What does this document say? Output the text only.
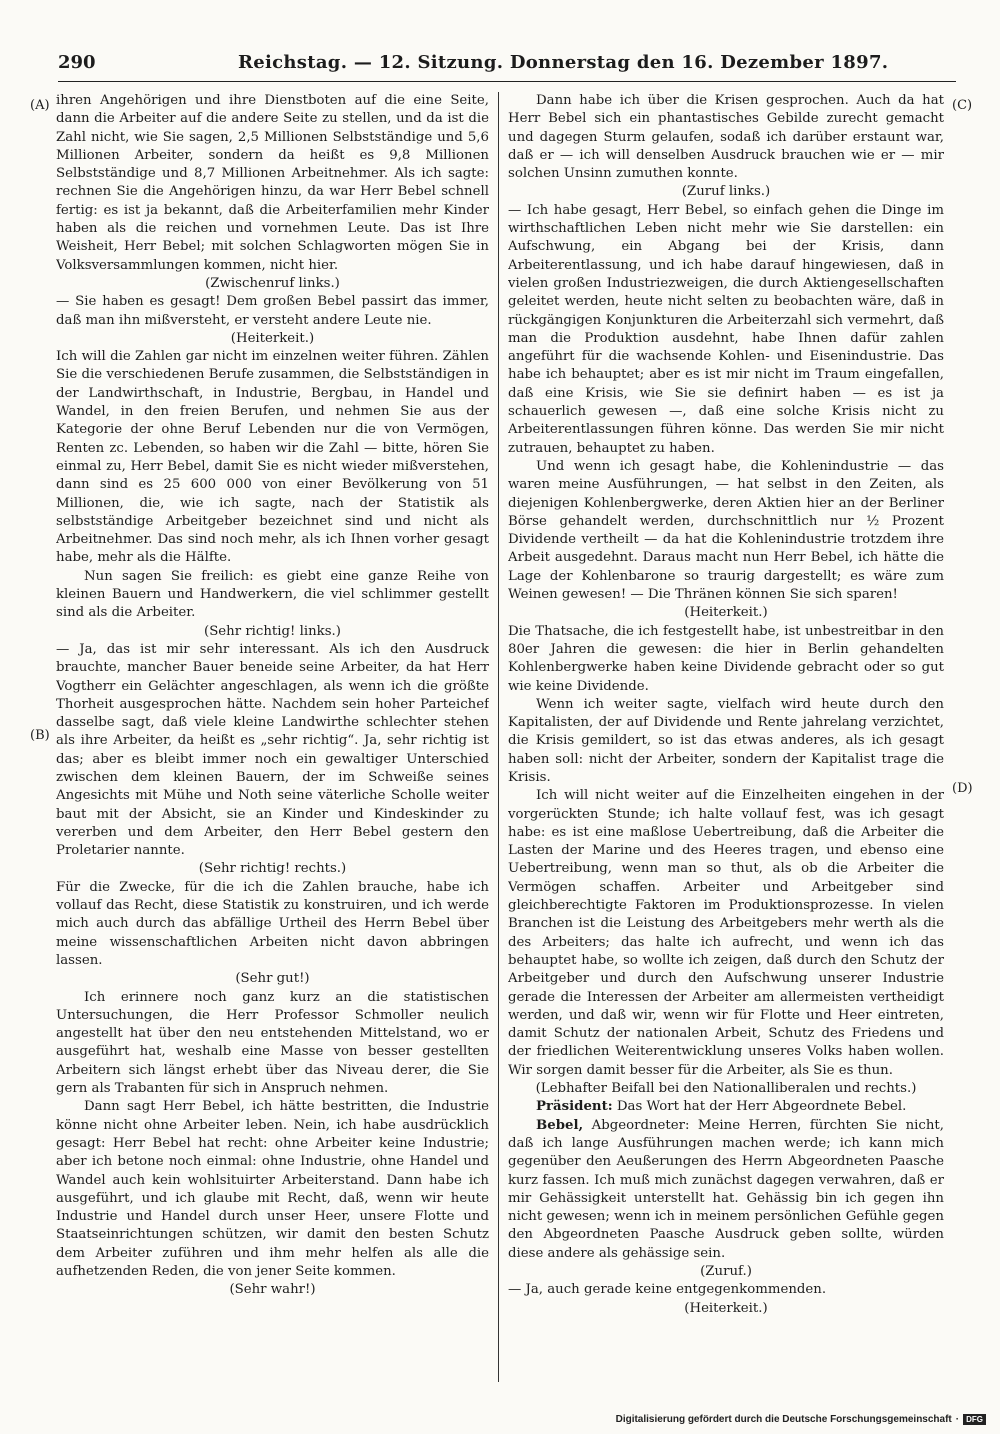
290	Reichstag. — 12. Sitzung. Donnerstag den 16. Dezember 1897.
(A)
(B)
(C)
(D)

ihren Angehörigen und ihre Dienstboten auf die eine Seite, dann die Arbeiter auf die andere Seite zu stellen, und da ist die Zahl nicht, wie Sie sagen, 2,5 Millionen Selbstständige und 5,6 Millionen Arbeiter, sondern da heißt es 9,8 Millionen Selbstständige und 8,7 Millionen Arbeitnehmer. Als ich sagte: rechnen Sie die Angehörigen hinzu, da war Herr Bebel schnell fertig: es ist ja bekannt, daß die Arbeiterfamilien mehr Kinder haben als die reichen und vornehmen Leute. Das ist Ihre Weisheit, Herr Bebel; mit solchen Schlagworten mögen Sie in Volksversammlungen kommen, nicht hier.

(Zwischenruf links.)

— Sie haben es gesagt! Dem großen Bebel passirt das immer, daß man ihn mißversteht, er versteht andere Leute nie.

(Heiterkeit.)

Ich will die Zahlen gar nicht im einzelnen weiter führen. Zählen Sie die verschiedenen Berufe zusammen, die Selbstständigen in der Landwirthschaft, in Industrie, Bergbau, in Handel und Wandel, in den freien Berufen, und nehmen Sie aus der Kategorie der ohne Beruf Lebenden nur die von Vermögen, Renten zc. Lebenden, so haben wir die Zahl — bitte, hören Sie einmal zu, Herr Bebel, damit Sie es nicht wieder mißverstehen, dann sind es 25 600 000 von einer Bevölkerung von 51 Millionen, die, wie ich sagte, nach der Statistik als selbstständige Arbeitgeber bezeichnet sind und nicht als Arbeitnehmer. Das sind noch mehr, als ich Ihnen vorher gesagt habe, mehr als die Hälfte.

Nun sagen Sie freilich: es giebt eine ganze Reihe von kleinen Bauern und Handwerkern, die viel schlimmer gestellt sind als die Arbeiter.

(Sehr richtig! links.)

— Ja, das ist mir sehr interessant. Als ich den Ausdruck brauchte, mancher Bauer beneide seine Arbeiter, da hat Herr Vogtherr ein Gelächter angeschlagen, als wenn ich die größte Thorheit ausgesprochen hätte. Nachdem sein hoher Parteichef dasselbe sagt, daß viele kleine Landwirthe schlechter stehen als ihre Arbeiter, da heißt es „sehr richtig“. Ja, sehr richtig ist das; aber es bleibt immer noch ein gewaltiger Unterschied zwischen dem kleinen Bauern, der im Schweiße seines Angesichts mit Mühe und Noth seine väterliche Scholle weiter baut mit der Absicht, sie an Kinder und Kindeskinder zu vererben und dem Arbeiter, den Herr Bebel gestern den Proletarier nannte.

(Sehr richtig! rechts.)

Für die Zwecke, für die ich die Zahlen brauche, habe ich vollauf das Recht, diese Statistik zu konstruiren, und ich werde mich auch durch das abfällige Urtheil des Herrn Bebel über meine wissenschaftlichen Arbeiten nicht davon abbringen lassen.

(Sehr gut!)

Ich erinnere noch ganz kurz an die statistischen Untersuchungen, die Herr Professor Schmoller neulich angestellt hat über den neu entstehenden Mittelstand, wo er ausgeführt hat, weshalb eine Masse von besser gestellten Arbeitern sich längst erhebt über das Niveau derer, die Sie gern als Trabanten für sich in Anspruch nehmen.

Dann sagt Herr Bebel, ich hätte bestritten, die Industrie könne nicht ohne Arbeiter leben. Nein, ich habe ausdrücklich gesagt: Herr Bebel hat recht: ohne Arbeiter keine Industrie; aber ich betone noch einmal: ohne Industrie, ohne Handel und Wandel auch kein wohlsituirter Arbeiterstand. Dann habe ich ausgeführt, und ich glaube mit Recht, daß, wenn wir heute Industrie und Handel durch unser Heer, unsere Flotte und Staatseinrichtungen schützen, wir damit den besten Schutz dem Arbeiter zuführen und ihm mehr helfen als alle die aufhetzenden Reden, die von jener Seite kommen.

(Sehr wahr!)

Dann habe ich über die Krisen gesprochen. Auch da hat Herr Bebel sich ein phantastisches Gebilde zurecht gemacht und dagegen Sturm gelaufen, sodaß ich darüber erstaunt war, daß er — ich will denselben Ausdruck brauchen wie er — mir solchen Unsinn zumuthen konnte.

(Zuruf links.)

— Ich habe gesagt, Herr Bebel, so einfach gehen die Dinge im wirthschaftlichen Leben nicht mehr wie Sie darstellen: ein Aufschwung, ein Abgang bei der Krisis, dann Arbeiterentlassung, und ich habe darauf hingewiesen, daß in vielen großen Industriezweigen, die durch Aktiengesellschaften geleitet werden, heute nicht selten zu beobachten wäre, daß in rückgängigen Konjunkturen die Arbeiterzahl sich vermehrt, daß man die Produktion ausdehnt, habe Ihnen dafür zahlen angeführt für die wachsende Kohlen- und Eisenindustrie. Das habe ich behauptet; aber es ist mir nicht im Traum eingefallen, daß eine Krisis, wie Sie sie definirt haben — es ist ja schauerlich gewesen —, daß eine solche Krisis nicht zu Arbeiterentlassungen führen könne. Das werden Sie mir nicht zutrauen, behauptet zu haben.

Und wenn ich gesagt habe, die Kohlenindustrie — das waren meine Ausführungen, — hat selbst in den Zeiten, als diejenigen Kohlenbergwerke, deren Aktien hier an der Berliner Börse gehandelt werden, durchschnittlich nur ½ Prozent Dividende vertheilt — da hat die Kohlenindustrie trotzdem ihre Arbeit ausgedehnt. Daraus macht nun Herr Bebel, ich hätte die Lage der Kohlenbarone so traurig dargestellt; es wäre zum Weinen gewesen! — Die Thränen können Sie sich sparen!

(Heiterkeit.)

Die Thatsache, die ich festgestellt habe, ist unbestreitbar in den 80er Jahren die gewesen: die hier in Berlin gehandelten Kohlenbergwerke haben keine Dividende gebracht oder so gut wie keine Dividende.

Wenn ich weiter sagte, vielfach wird heute durch den Kapitalisten, der auf Dividende und Rente jahrelang verzichtet, die Krisis gemildert, so ist das etwas anderes, als ich gesagt haben soll: nicht der Arbeiter, sondern der Kapitalist trage die Krisis.

Ich will nicht weiter auf die Einzelheiten eingehen in der vorgerückten Stunde; ich halte vollauf fest, was ich gesagt habe: es ist eine maßlose Uebertreibung, daß die Arbeiter die Lasten der Marine und des Heeres tragen, und ebenso eine Uebertreibung, wenn man so thut, als ob die Arbeiter die Vermögen schaffen. Arbeiter und Arbeitgeber sind gleichberechtigte Faktoren im Produktionsprozesse. In vielen Branchen ist die Leistung des Arbeitgebers mehr werth als die des Arbeiters; das halte ich aufrecht, und wenn ich das behauptet habe, so wollte ich zeigen, daß durch den Schutz der Arbeitgeber und durch den Aufschwung unserer Industrie gerade die Interessen der Arbeiter am allermeisten vertheidigt werden, und daß wir, wenn wir für Flotte und Heer eintreten, damit Schutz der nationalen Arbeit, Schutz des Friedens und der friedlichen Weiterentwicklung unseres Volks haben wollen. Wir sorgen damit besser für die Arbeiter, als Sie es thun.

(Lebhafter Beifall bei den Nationalliberalen und rechts.)

Präsident: Das Wort hat der Herr Abgeordnete Bebel.

Bebel, Abgeordneter: Meine Herren, fürchten Sie nicht, daß ich lange Ausführungen machen werde; ich kann mich gegenüber den Aeußerungen des Herrn Abgeordneten Paasche kurz fassen. Ich muß mich zunächst dagegen verwahren, daß er mir Gehässigkeit unterstellt hat. Gehässig bin ich gegen ihn nicht gewesen; wenn ich in meinem persönlichen Gefühle gegen den Abgeordneten Paasche Ausdruck geben sollte, würden diese andere als gehässige sein.

(Zuruf.)

— Ja, auch gerade keine entgegenkommenden.

(Heiterkeit.)

Digitalisierung gefördert durch die Deutsche Forschungsgemeinschaft · DFG
